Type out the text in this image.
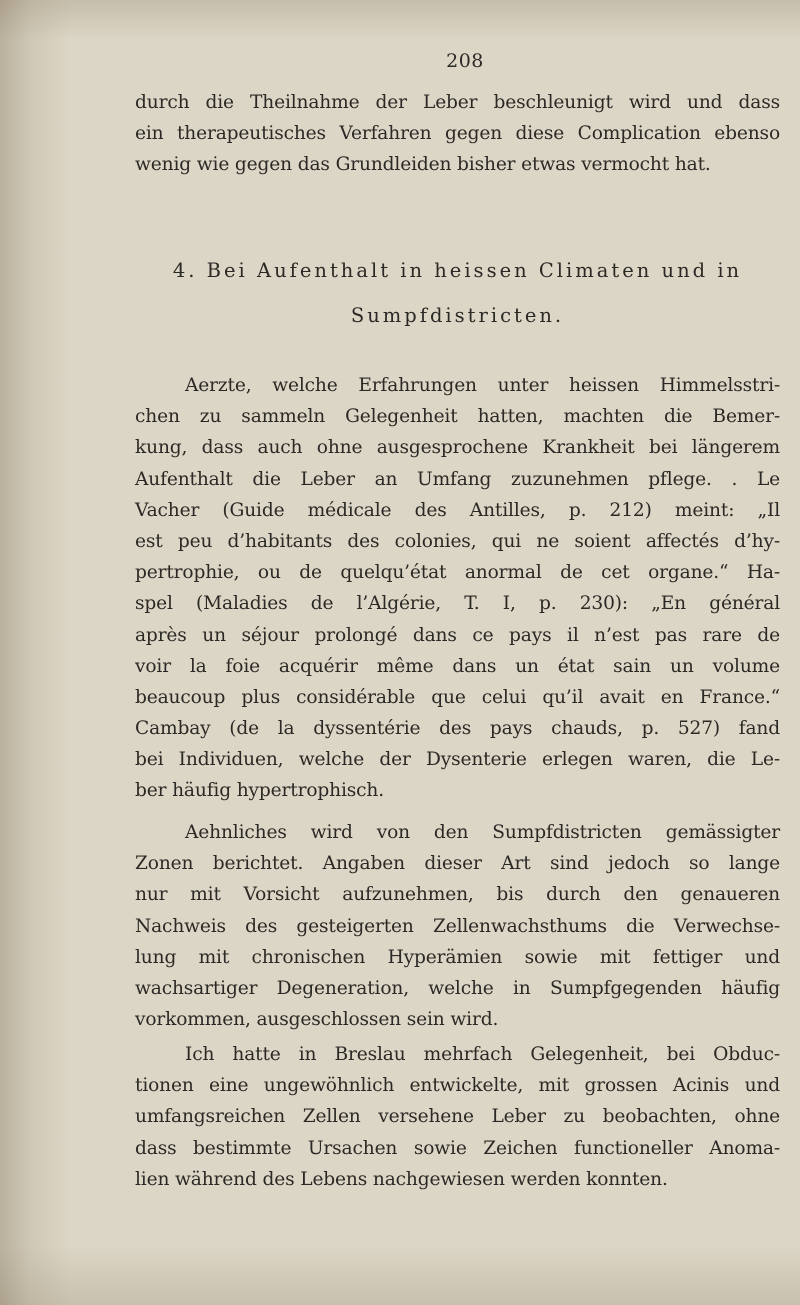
208
durch die Theilnahme der Leber beschleunigt wird und dass
ein therapeutisches Verfahren gegen diese Complication ebenso
wenig wie gegen das Grundleiden bisher etwas vermocht hat.
4. Bei Aufenthalt in heissen Climaten und in
Sumpfdistricten.
Aerzte, welche Erfahrungen unter heissen Himmelsstri-
chen zu sammeln Gelegenheit hatten, machten die Bemer-
kung, dass auch ohne ausgesprochene Krankheit bei längerem
Aufenthalt die Leber an Umfang zuzunehmen pflege. . Le
Vacher (Guide médicale des Antilles, p. 212) meint: „Il
est peu d’habitants des colonies, qui ne soient affectés d’hy-
pertrophie, ou de quelqu’état anormal de cet organe.“ Ha-
spel (Maladies de l’Algérie, T. I, p. 230): „En général
après un séjour prolongé dans ce pays il n’est pas rare de
voir la foie acquérir même dans un état sain un volume
beaucoup plus considérable que celui qu’il avait en France.“
Cambay (de la dyssentérie des pays chauds, p. 527) fand
bei Individuen, welche der Dysenterie erlegen waren, die Le-
ber häufig hypertrophisch.
Aehnliches wird von den Sumpfdistricten gemässigter
Zonen berichtet. Angaben dieser Art sind jedoch so lange
nur mit Vorsicht aufzunehmen, bis durch den genaueren
Nachweis des gesteigerten Zellenwachsthums die Verwechse-
lung mit chronischen Hyperämien sowie mit fettiger und
wachsartiger Degeneration, welche in Sumpfgegenden häufig
vorkommen, ausgeschlossen sein wird.
Ich hatte in Breslau mehrfach Gelegenheit, bei Obduc-
tionen eine ungewöhnlich entwickelte, mit grossen Acinis und
umfangsreichen Zellen versehene Leber zu beobachten, ohne
dass bestimmte Ursachen sowie Zeichen functioneller Anoma-
lien während des Lebens nachgewiesen werden konnten.
